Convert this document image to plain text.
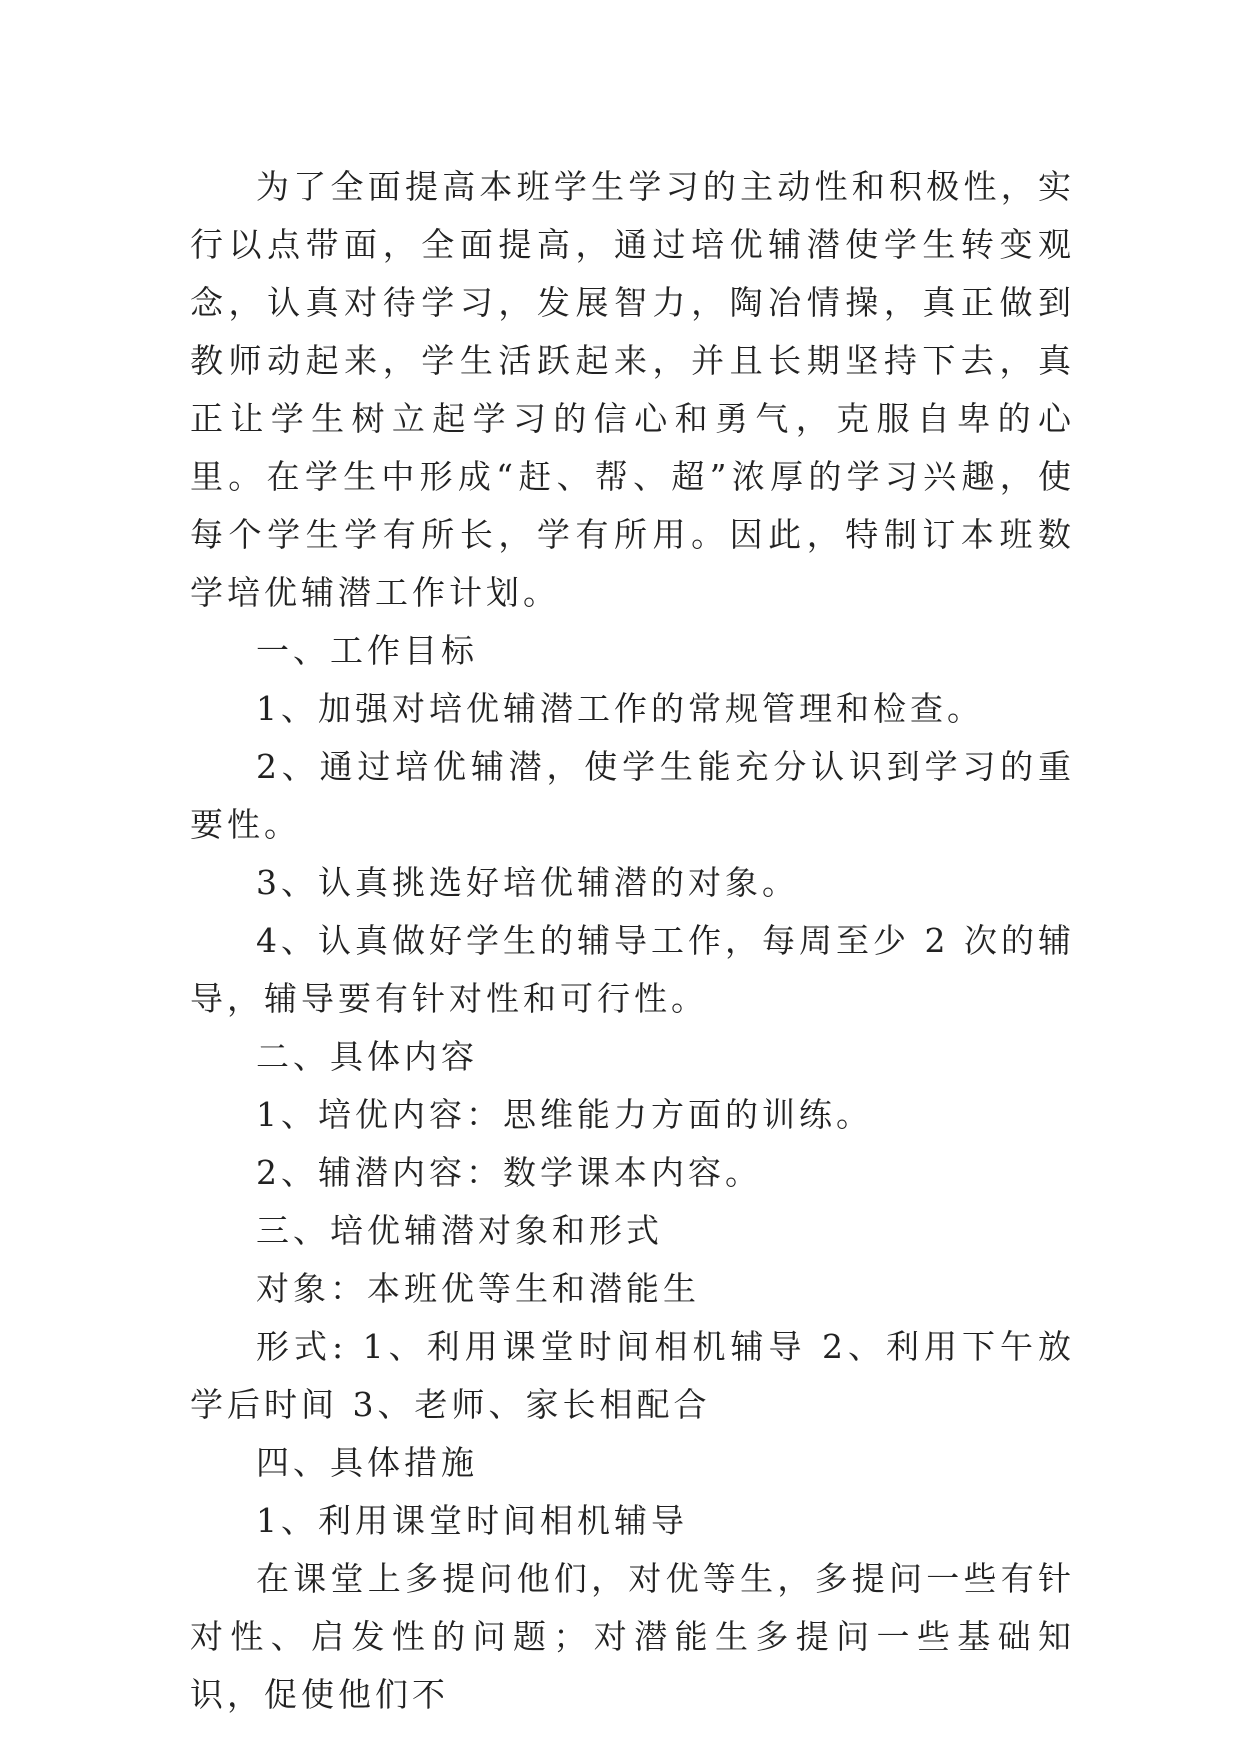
为了全面提高本班学生学习的主动性和积极性，实行以点带面，全面提高，通过培优辅潜使学生转变观念，认真对待学习，发展智力，陶冶情操，真正做到教师动起来，学生活跃起来，并且长期坚持下去，真正让学生树立起学习的信心和勇气，克服自卑的心里。在学生中形成“赶、帮、超”浓厚的学习兴趣，使每个学生学有所长，学有所用。因此，特制订本班数学培优辅潜工作计划。

一、工作目标

1、加强对培优辅潜工作的常规管理和检查。

2、通过培优辅潜，使学生能充分认识到学习的重要性。

3、认真挑选好培优辅潜的对象。

4、认真做好学生的辅导工作，每周至少 2 次的辅导，辅导要有针对性和可行性。

二、具体内容

1、培优内容：思维能力方面的训练。

2、辅潜内容：数学课本内容。

三、培优辅潜对象和形式

对象：本班优等生和潜能生

形式: 1、利用课堂时间相机辅导 2、利用下午放学后时间 3、老师、家长相配合

四、具体措施

1、利用课堂时间相机辅导

在课堂上多提问他们，对优等生，多提问一些有针对性、启发性的问题；对潜能生多提问一些基础知识，促使他们不
